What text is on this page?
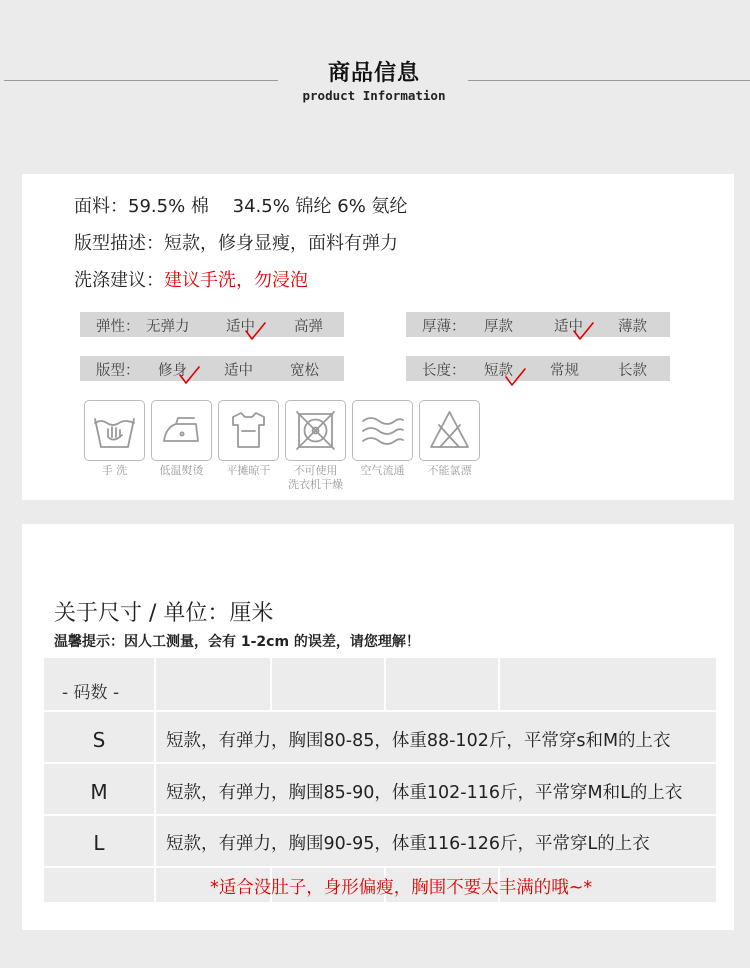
商品信息
product Information
面料：59.5% 棉　 34.5% 锦纶 6% 氨纶
版型描述：短款，修身显瘦，面料有弹力
洗涤建议：建议手洗，勿浸泡
弹性： 无弹力	适中	高弹	厚薄： 厚款	适中 薄款
版型： 修身	适中	宽松	长度： 短款	常规	长款
手 洗	低温熨烫	平摊晾干	不可使用
洗衣机干燥
空气流通	不能氯漂
关于尺寸 / 单位：厘米
温馨提示：因人工测量，会有 1-2cm 的误差，请您理解！
- 码数 -
S	短款，有弹力，胸围80-85，体重88-102斤，平常穿s和M的上衣
M	短款，有弹力，胸围85-90，体重102-116斤，平常穿M和L的上衣
L	短款，有弹力，胸围90-95，体重116-126斤，平常穿L的上衣
*适合没肚子，身形偏瘦，胸围不要太丰满的哦~*
